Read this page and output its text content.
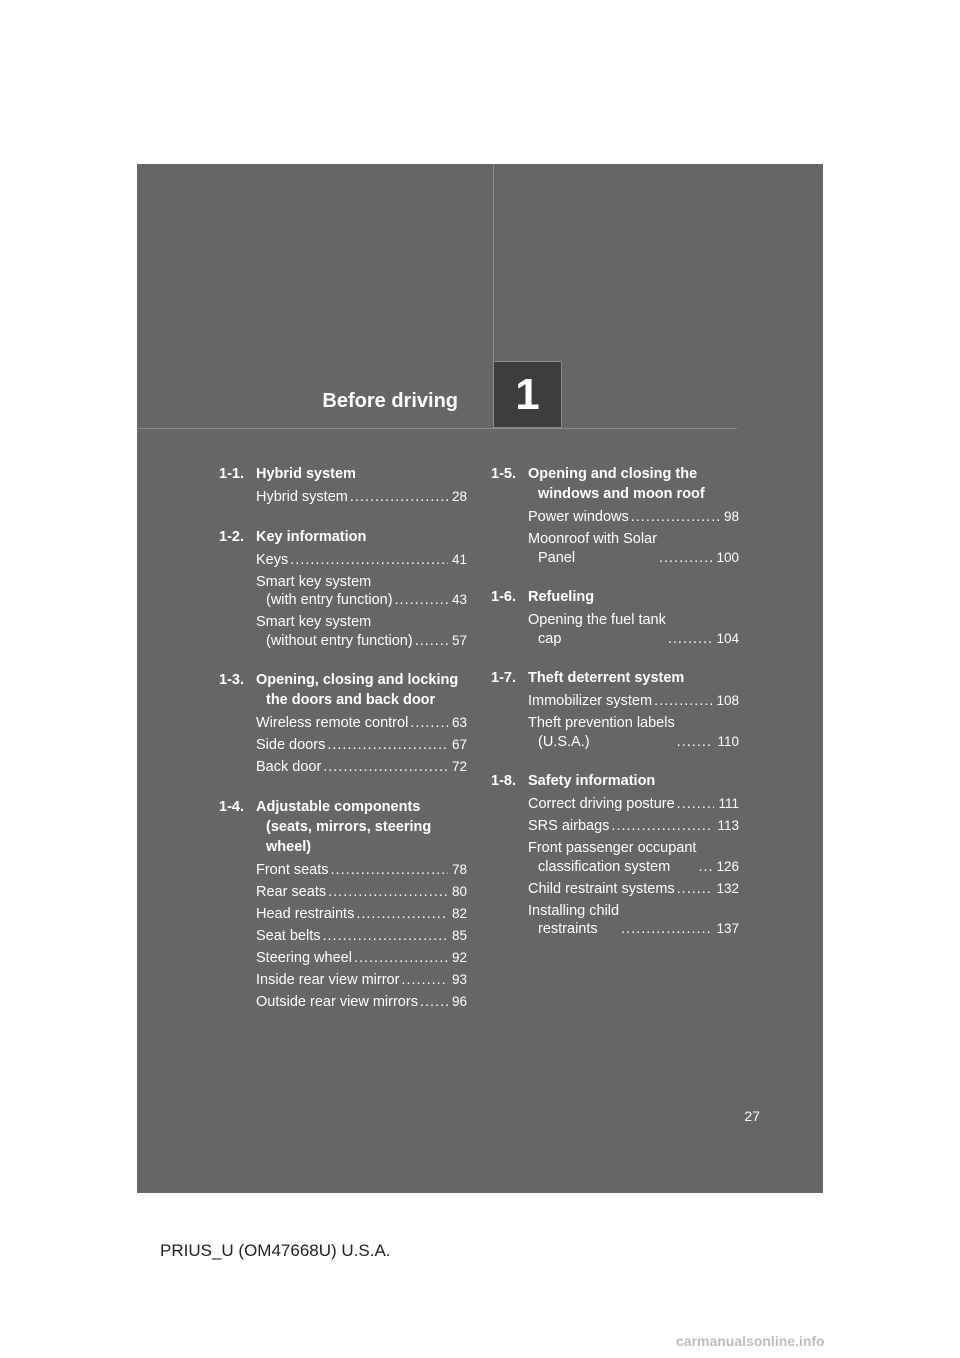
Before driving	1
1-1. Hybrid system
Hybrid system .....	28
1-2. Key information
Keys .....	41
Smart key system
(with entry function) .....	43
Smart key system
(without entry function) .....	57
1-3. Opening, closing and locking
the doors and back door
Wireless remote control .....	63
Side doors .....	67
Back door .....	72
1-4. Adjustable components
(seats, mirrors, steering
wheel)
Front seats .....	78
Rear seats .....	80
Head restraints .....	82
Seat belts .....	85
Steering wheel .....	92
Inside rear view mirror .....	93
Outside rear view mirrors .....	96
1-5. Opening and closing the
windows and moon roof
Power windows .....	98
Moonroof with Solar
Panel .....	100
1-6. Refueling
Opening the fuel tank
cap .....	104
1-7. Theft deterrent system
Immobilizer system .....	108
Theft prevention labels
(U.S.A.) .....	110
1-8. Safety information
Correct driving posture .....	111
SRS airbags .....	113
Front passenger occupant
classification system .....	126
Child restraint systems .....	132
Installing child
restraints .....	137
27
PRIUS_U (OM47668U) U.S.A.
carmanualsonline.info
